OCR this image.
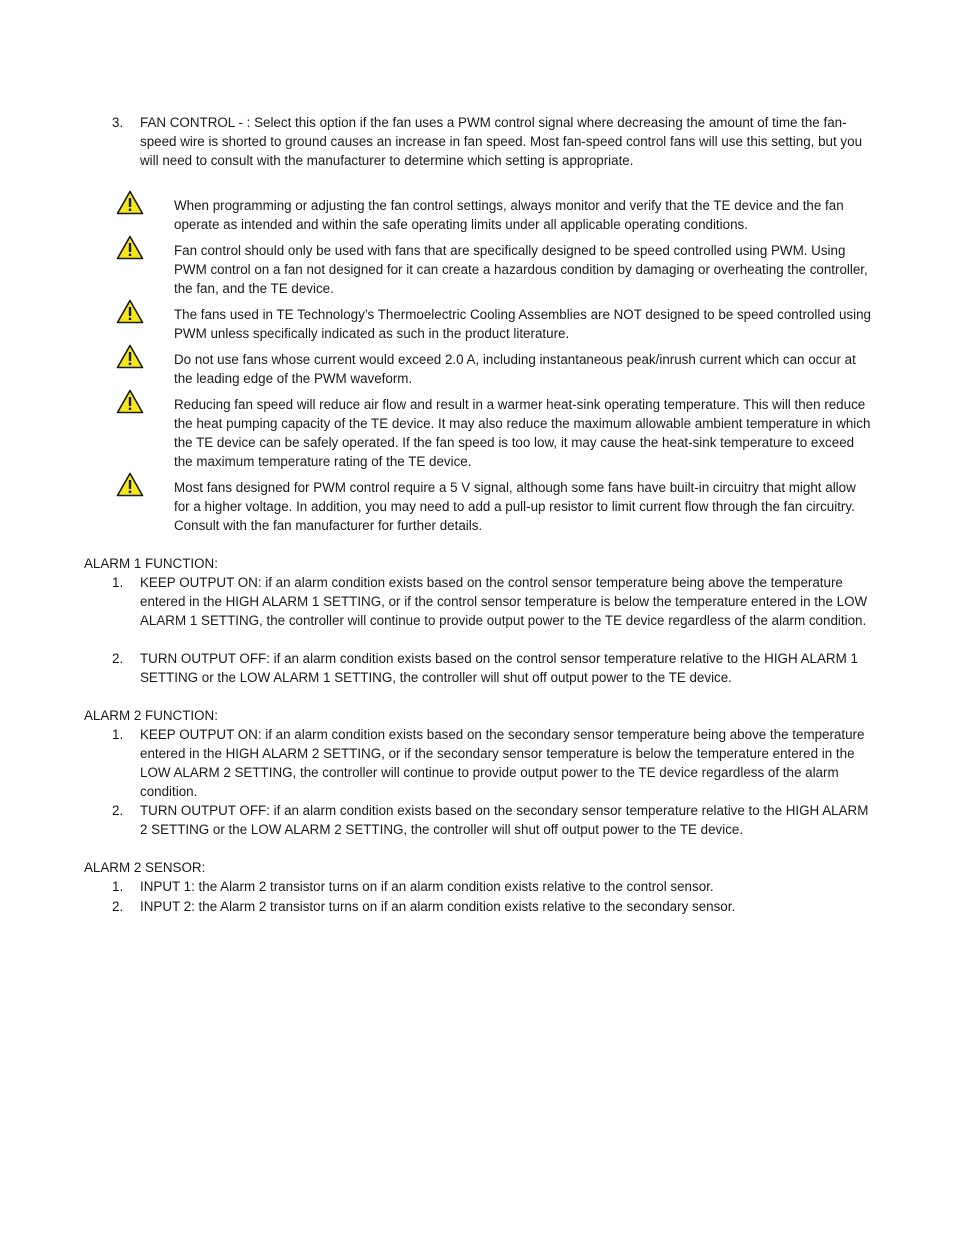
3. FAN CONTROL - : Select this option if the fan uses a PWM control signal where decreasing the amount of time the fan-speed wire is shorted to ground causes an increase in fan speed. Most fan-speed control fans will use this setting, but you will need to consult with the manufacturer to determine which setting is appropriate.
When programming or adjusting the fan control settings, always monitor and verify that the TE device and the fan operate as intended and within the safe operating limits under all applicable operating conditions.
Fan control should only be used with fans that are specifically designed to be speed controlled using PWM. Using PWM control on a fan not designed for it can create a hazardous condition by damaging or overheating the controller, the fan, and the TE device.
The fans used in TE Technology’s Thermoelectric Cooling Assemblies are NOT designed to be speed controlled using PWM unless specifically indicated as such in the product literature.
Do not use fans whose current would exceed 2.0 A, including instantaneous peak/inrush current which can occur at the leading edge of the PWM waveform.
Reducing fan speed will reduce air flow and result in a warmer heat-sink operating temperature. This will then reduce the heat pumping capacity of the TE device. It may also reduce the maximum allowable ambient temperature in which the TE device can be safely operated. If the fan speed is too low, it may cause the heat-sink temperature to exceed the maximum temperature rating of the TE device.
Most fans designed for PWM control require a 5 V signal, although some fans have built-in circuitry that might allow for a higher voltage. In addition, you may need to add a pull-up resistor to limit current flow through the fan circuitry. Consult with the fan manufacturer for further details.
ALARM 1 FUNCTION:
1. KEEP OUTPUT ON: if an alarm condition exists based on the control sensor temperature being above the temperature entered in the HIGH ALARM 1 SETTING, or if the control sensor temperature is below the temperature entered in the LOW ALARM 1 SETTING, the controller will continue to provide output power to the TE device regardless of the alarm condition.
2. TURN OUTPUT OFF: if an alarm condition exists based on the control sensor temperature relative to the HIGH ALARM 1 SETTING or the LOW ALARM 1 SETTING, the controller will shut off output power to the TE device.
ALARM 2 FUNCTION:
1. KEEP OUTPUT ON: if an alarm condition exists based on the secondary sensor temperature being above the temperature entered in the HIGH ALARM 2 SETTING, or if the secondary sensor temperature is below the temperature entered in the LOW ALARM 2 SETTING, the controller will continue to provide output power to the TE device regardless of the alarm condition.
2. TURN OUTPUT OFF: if an alarm condition exists based on the secondary sensor temperature relative to the HIGH ALARM 2 SETTING or the LOW ALARM 2 SETTING, the controller will shut off output power to the TE device.
ALARM 2 SENSOR:
1. INPUT 1: the Alarm 2 transistor turns on if an alarm condition exists relative to the control sensor.
2. INPUT 2: the Alarm 2 transistor turns on if an alarm condition exists relative to the secondary sensor.
